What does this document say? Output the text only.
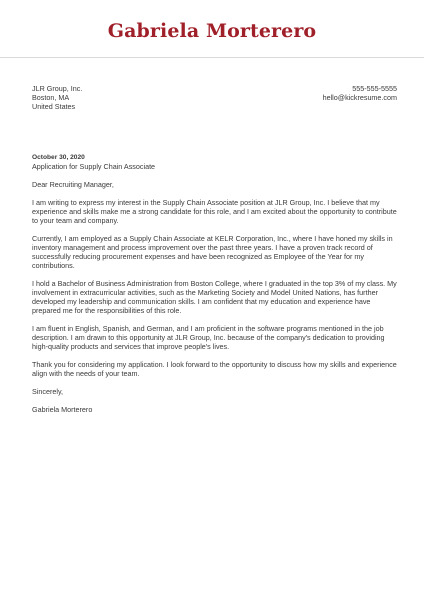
Gabriela Morterero
JLR Group, Inc.
Boston, MA
United States
555-555-5555
hello@kickresume.com
October 30, 2020
Application for Supply Chain Associate

Dear Recruiting Manager,

I am writing to express my interest in the Supply Chain Associate position at JLR Group, Inc. I believe that my experience and skills make me a strong candidate for this role, and I am excited about the opportunity to contribute to your team and company.

Currently, I am employed as a Supply Chain Associate at KELR Corporation, Inc., where I have honed my skills in inventory management and process improvement over the past three years. I have a proven track record of successfully reducing procurement expenses and have been recognized as Employee of the Year for my contributions.

I hold a Bachelor of Business Administration from Boston College, where I graduated in the top 3% of my class. My involvement in extracurricular activities, such as the Marketing Society and Model United Nations, has further developed my leadership and communication skills. I am confident that my education and experience have prepared me for the responsibilities of this role.

I am fluent in English, Spanish, and German, and I am proficient in the software programs mentioned in the job description. I am drawn to this opportunity at JLR Group, Inc. because of the company's dedication to providing high-quality products and services that improve people's lives.

Thank you for considering my application. I look forward to the opportunity to discuss how my skills and experience align with the needs of your team.

Sincerely,

Gabriela Morterero
